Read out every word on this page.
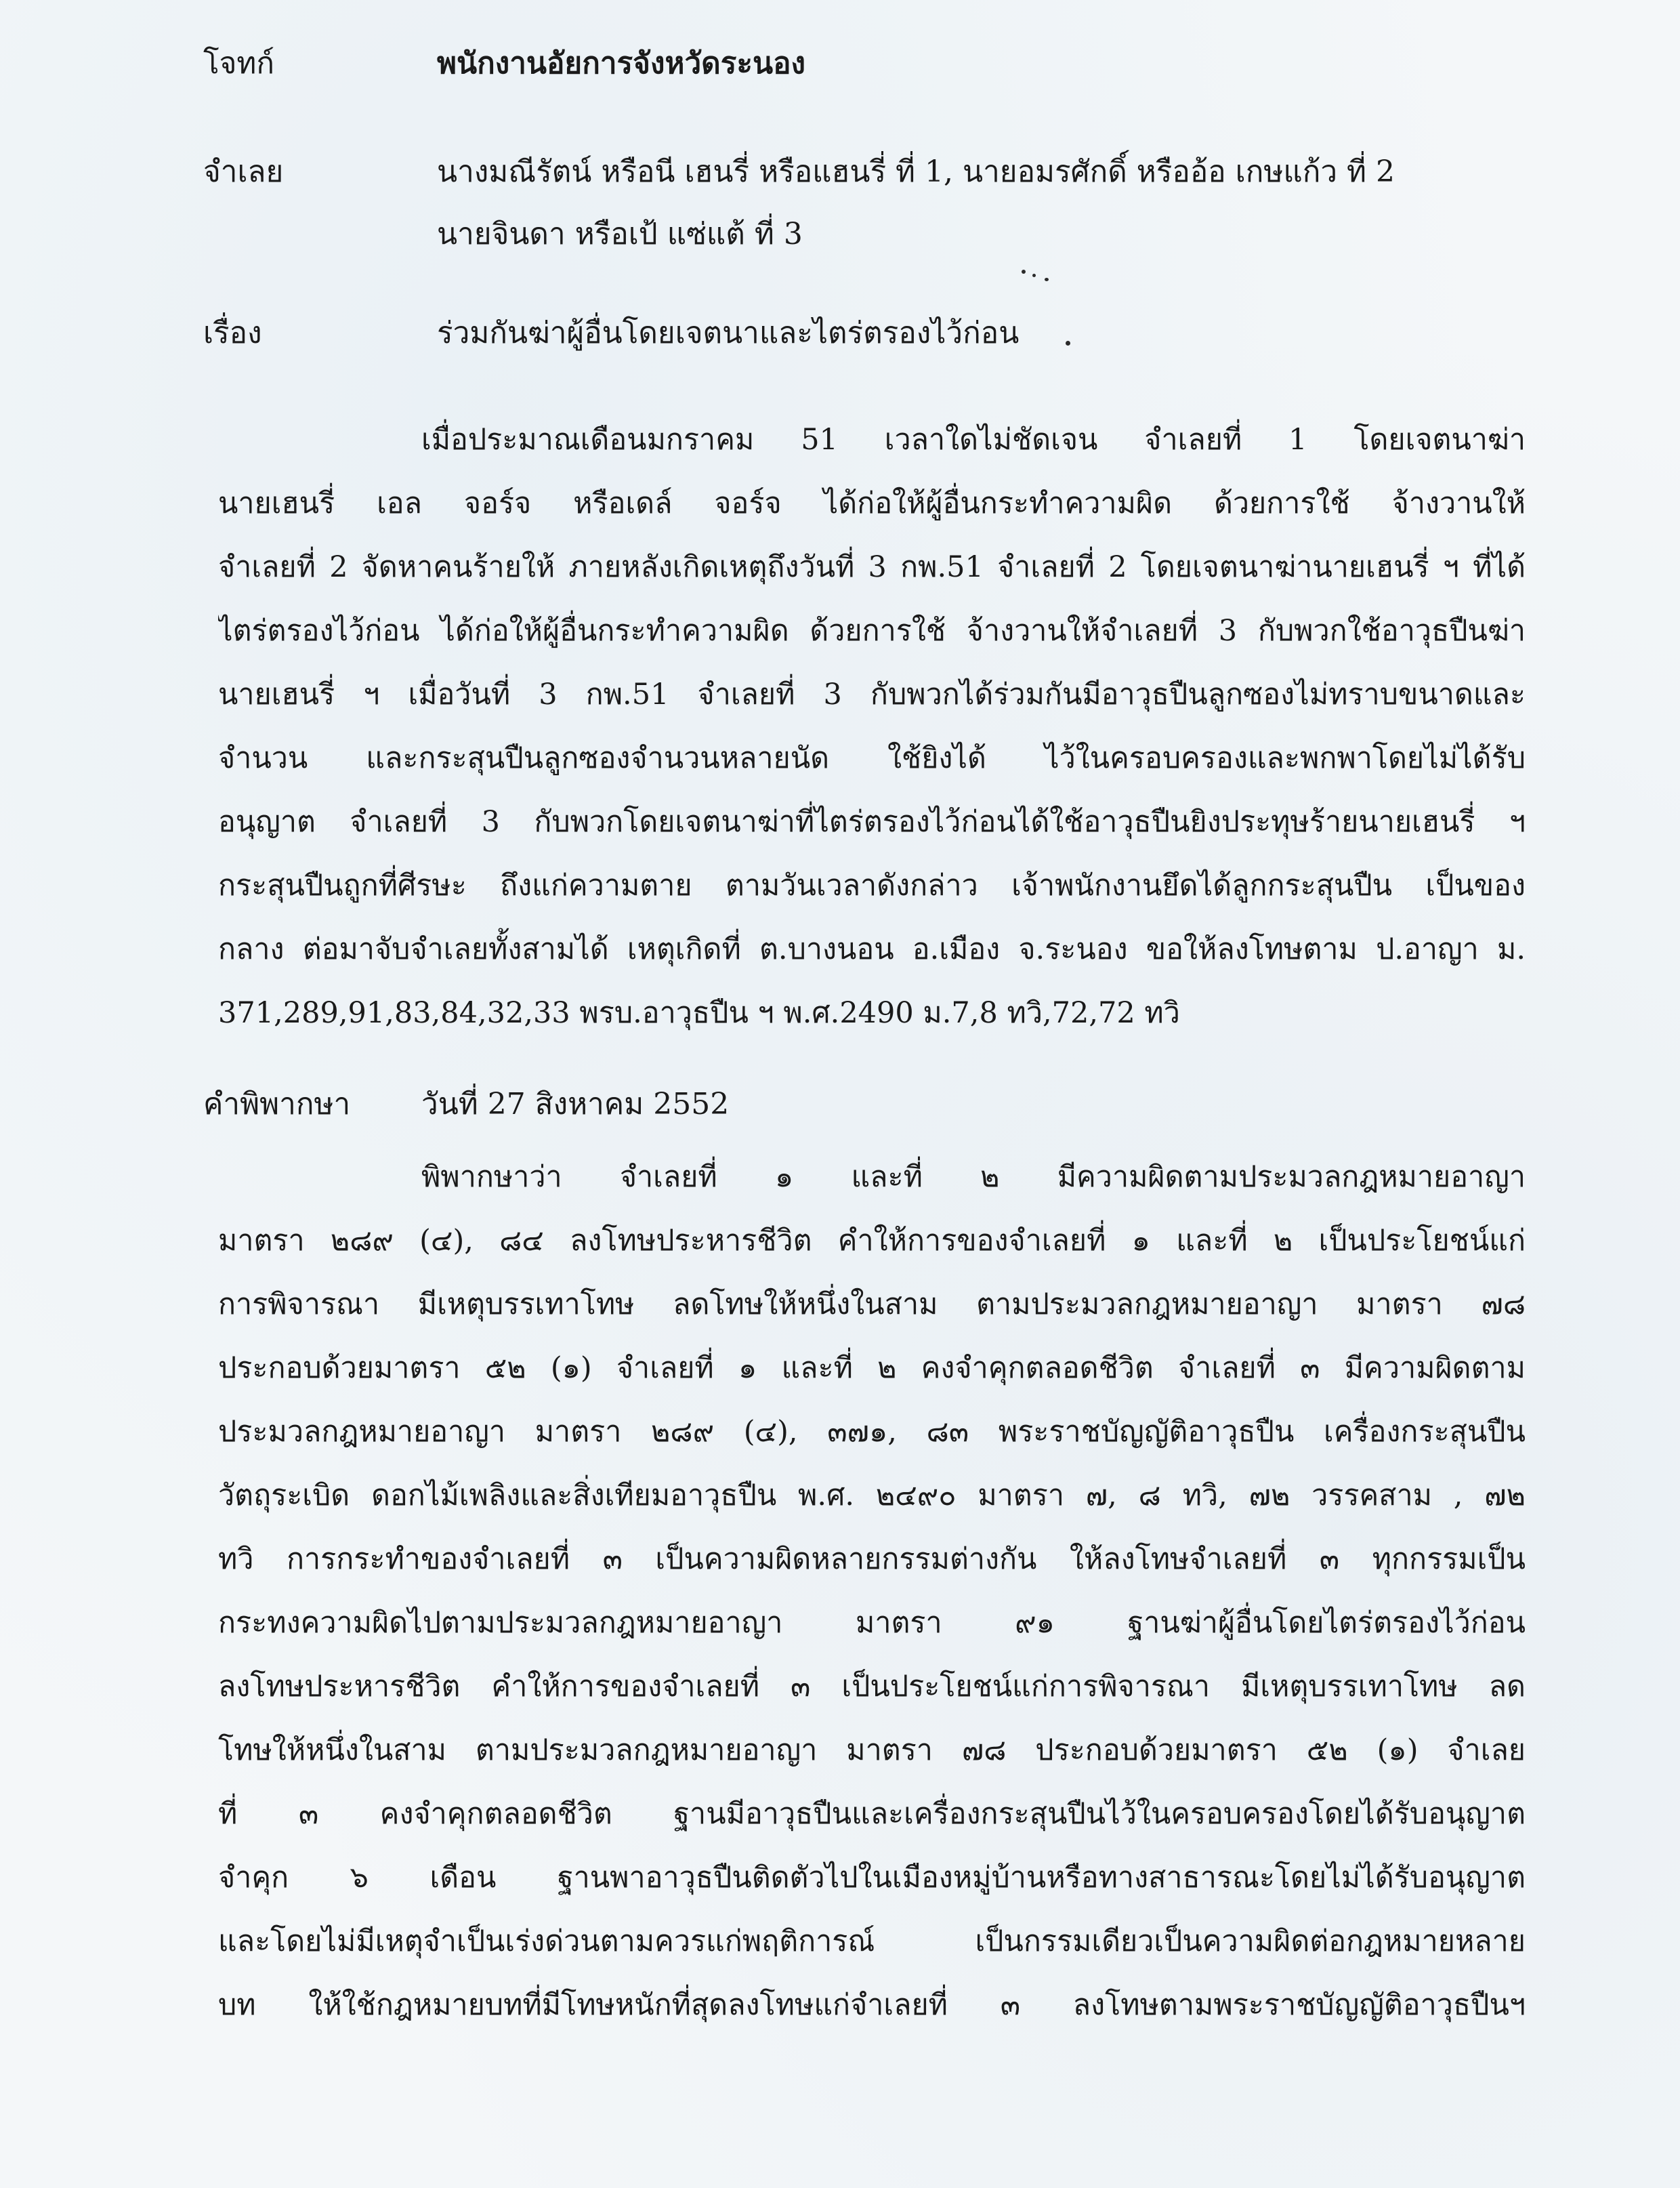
โจทก์	พนักงานอัยการจังหวัดระนอง
จำเลย	นางมณีรัตน์ หรือนี เฮนรี่ หรือแฮนรี่ ที่ 1, นายอมรศักดิ์ หรืออ้อ เกษแก้ว ที่ 2
นายจินดา หรือเป้ แซ่แต้ ที่ 3
เรื่อง	ร่วมกันฆ่าผู้อื่นโดยเจตนาและไตร่ตรองไว้ก่อน
เมื่อประมาณเดือนมกราคม 51 เวลาใดไม่ชัดเจน จำเลยที่ 1 โดยเจตนาฆ่า
นายเฮนรี่ เอล จอร์จ หรือเดล์ จอร์จ ได้ก่อให้ผู้อื่นกระทำความผิด ด้วยการใช้ จ้างวานให้
จำเลยที่ 2 จัดหาคนร้ายให้ ภายหลังเกิดเหตุถึงวันที่ 3 กพ.51 จำเลยที่ 2 โดยเจตนาฆ่านายเฮนรี่ ฯ ที่ได้
ไตร่ตรองไว้ก่อน ได้ก่อให้ผู้อื่นกระทำความผิด ด้วยการใช้ จ้างวานให้จำเลยที่ 3 กับพวกใช้อาวุธปืนฆ่า
นายเฮนรี่ ฯ เมื่อวันที่ 3 กพ.51 จำเลยที่ 3 กับพวกได้ร่วมกันมีอาวุธปืนลูกซองไม่ทราบขนาดและ
จำนวน และกระสุนปืนลูกซองจำนวนหลายนัด ใช้ยิงได้ ไว้ในครอบครองและพกพาโดยไม่ได้รับ
อนุญาต จำเลยที่ 3 กับพวกโดยเจตนาฆ่าที่ไตร่ตรองไว้ก่อนได้ใช้อาวุธปืนยิงประทุษร้ายนายเฮนรี่ ฯ
กระสุนปืนถูกที่ศีรษะ ถึงแก่ความตาย ตามวันเวลาดังกล่าว เจ้าพนักงานยึดได้ลูกกระสุนปืน เป็นของ
กลาง ต่อมาจับจำเลยทั้งสามได้ เหตุเกิดที่ ต.บางนอน อ.เมือง จ.ระนอง ขอให้ลงโทษตาม ป.อาญา ม.
371,289,91,83,84,32,33 พรบ.อาวุธปืน ฯ พ.ศ.2490 ม.7,8 ทวิ,72,72 ทวิ
คำพิพากษา วันที่ 27 สิงหาคม 2552
พิพากษาว่า จำเลยที่ ๑ และที่ ๒ มีความผิดตามประมวลกฎหมายอาญา
มาตรา ๒๘๙ (๔), ๘๔ ลงโทษประหารชีวิต คำให้การของจำเลยที่ ๑ และที่ ๒ เป็นประโยชน์แก่
การพิจารณา มีเหตุบรรเทาโทษ ลดโทษให้หนึ่งในสาม ตามประมวลกฎหมายอาญา มาตรา ๗๘
ประกอบด้วยมาตรา ๕๒ (๑) จำเลยที่ ๑ และที่ ๒ คงจำคุกตลอดชีวิต จำเลยที่ ๓ มีความผิดตาม
ประมวลกฎหมายอาญา มาตรา ๒๘๙ (๔), ๓๗๑, ๘๓ พระราชบัญญัติอาวุธปืน เครื่องกระสุนปืน
วัตถุระเบิด ดอกไม้เพลิงและสิ่งเทียมอาวุธปืน พ.ศ. ๒๔๙๐ มาตรา ๗, ๘ ทวิ, ๗๒ วรรคสาม , ๗๒
ทวิ การกระทำของจำเลยที่ ๓ เป็นความผิดหลายกรรมต่างกัน ให้ลงโทษจำเลยที่ ๓ ทุกกรรมเป็น
กระทงความผิดไปตามประมวลกฎหมายอาญา มาตรา ๙๑ ฐานฆ่าผู้อื่นโดยไตร่ตรองไว้ก่อน
ลงโทษประหารชีวิต คำให้การของจำเลยที่ ๓ เป็นประโยชน์แก่การพิจารณา มีเหตุบรรเทาโทษ ลด
โทษให้หนึ่งในสาม ตามประมวลกฎหมายอาญา มาตรา ๗๘ ประกอบด้วยมาตรา ๕๒ (๑) จำเลย
ที่ ๓ คงจำคุกตลอดชีวิต ฐานมีอาวุธปืนและเครื่องกระสุนปืนไว้ในครอบครองโดยได้รับอนุญาต
จำคุก ๖ เดือน ฐานพาอาวุธปืนติดตัวไปในเมืองหมู่บ้านหรือทางสาธารณะโดยไม่ได้รับอนุญาต
และโดยไม่มีเหตุจำเป็นเร่งด่วนตามควรแก่พฤติการณ์ เป็นกรรมเดียวเป็นความผิดต่อกฎหมายหลาย
บท ให้ใช้กฎหมายบทที่มีโทษหนักที่สุดลงโทษแก่จำเลยที่ ๓ ลงโทษตามพระราชบัญญัติอาวุธปืนฯ
